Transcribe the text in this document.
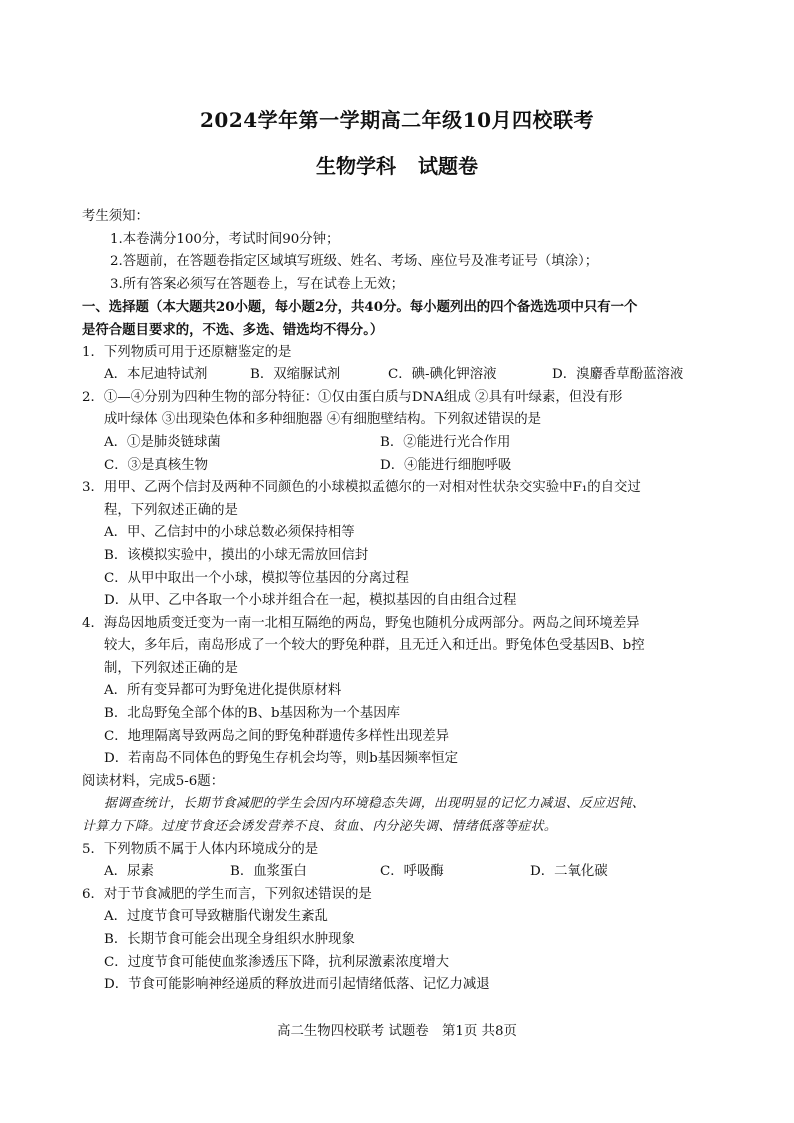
2024学年第一学期高二年级10月四校联考
生物学科 试题卷
考生须知：
1.本卷满分100分，考试时间90分钟；
2.答题前，在答题卷指定区域填写班级、姓名、考场、座位号及准考证号（填涂）；
3.所有答案必须写在答题卷上，写在试卷上无效；
一、选择题（本大题共20小题，每小题2分，共40分。每小题列出的四个备选选项中只有一个
是符合题目要求的，不选、多选、错选均不得分。）
1．下列物质可用于还原糖鉴定的是
A．本尼迪特试剂	B．双缩脲试剂	C．碘-碘化钾溶液	D．溴麝香草酚蓝溶液
2．①—④分别为四种生物的部分特征：①仅由蛋白质与DNA组成 ②具有叶绿素，但没有形
成叶绿体 ③出现染色体和多种细胞器 ④有细胞壁结构。下列叙述错误的是
A．①是肺炎链球菌	B．②能进行光合作用
C．③是真核生物	D．④能进行细胞呼吸
3．用甲、乙两个信封及两种不同颜色的小球模拟孟德尔的一对相对性状杂交实验中F₁的自交过
程，下列叙述正确的是
A．甲、乙信封中的小球总数必须保持相等
B．该模拟实验中，摸出的小球无需放回信封
C．从甲中取出一个小球，模拟等位基因的分离过程
D．从甲、乙中各取一个小球并组合在一起，模拟基因的自由组合过程
4．海岛因地质变迁变为一南一北相互隔绝的两岛，野兔也随机分成两部分。两岛之间环境差异
较大，多年后，南岛形成了一个较大的野兔种群，且无迁入和迁出。野兔体色受基因B、b控
制，下列叙述正确的是
A．所有变异都可为野兔进化提供原材料
B．北岛野兔全部个体的B、b基因称为一个基因库
C．地理隔离导致两岛之间的野兔种群遗传多样性出现差异
D．若南岛不同体色的野兔生存机会均等，则b基因频率恒定
阅读材料，完成5-6题：
据调查统计，长期节食减肥的学生会因内环境稳态失调，出现明显的记忆力减退、反应迟钝、
计算力下降。过度节食还会诱发营养不良、贫血、内分泌失调、情绪低落等症状。
5．下列物质不属于人体内环境成分的是
A．尿素	B．血浆蛋白	C．呼吸酶	D．二氧化碳
6．对于节食减肥的学生而言，下列叙述错误的是
A．过度节食可导致糖脂代谢发生紊乱
B．长期节食可能会出现全身组织水肿现象
C．过度节食可能使血浆渗透压下降，抗利尿激素浓度增大
D．节食可能影响神经递质的释放进而引起情绪低落、记忆力减退
高二生物四校联考 试题卷　第1页 共8页
